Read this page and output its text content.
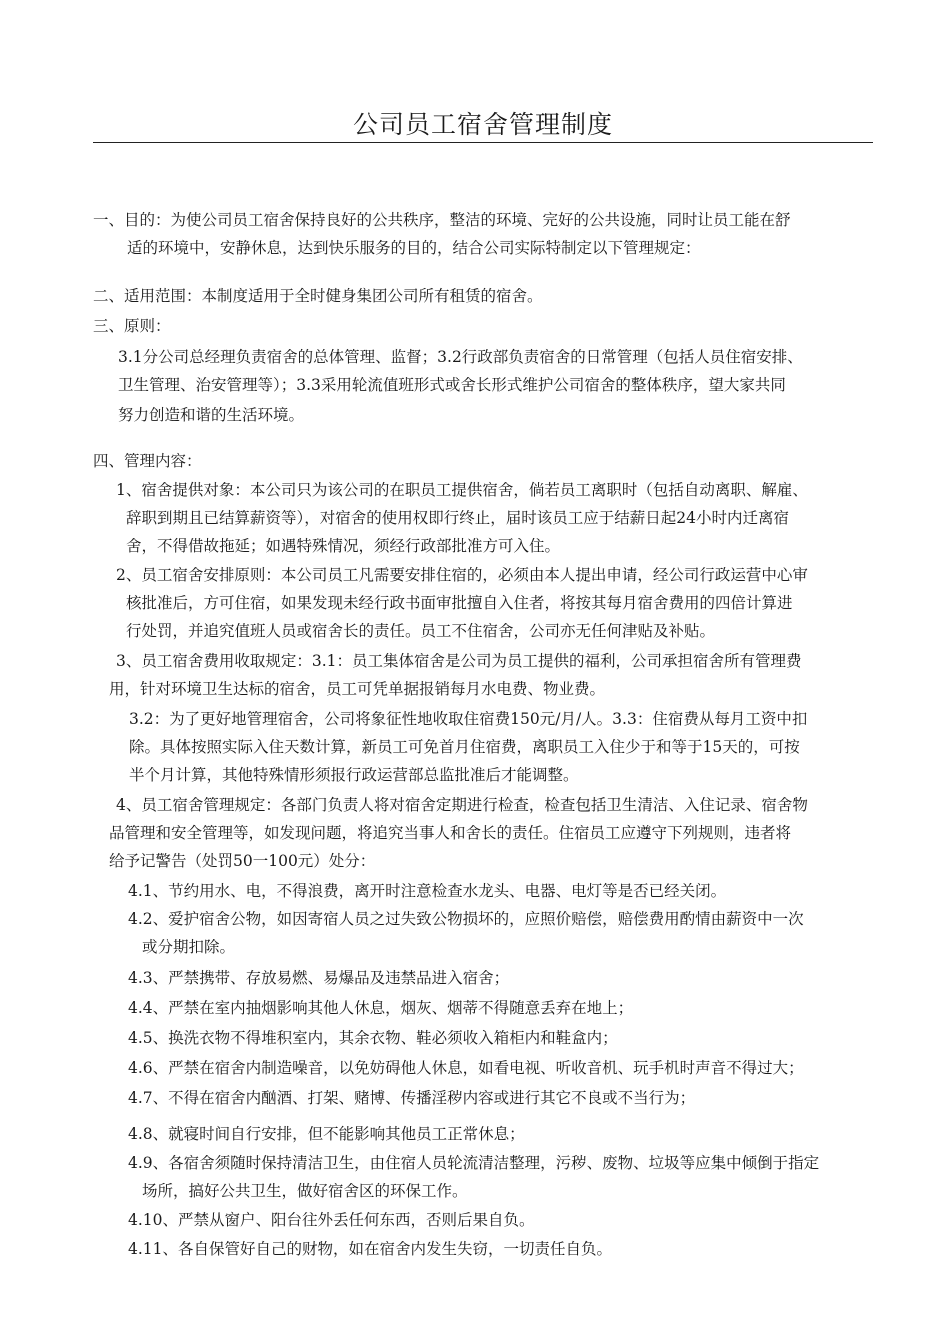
公司员工宿舍管理制度
一、目的：为使公司员工宿舍保持良好的公共秩序，整洁的环境、完好的公共设施，同时让员工能在舒
适的环境中，安静休息，达到快乐服务的目的，结合公司实际特制定以下管理规定：
二、适用范围：本制度适用于全时健身集团公司所有租赁的宿舍。
三、原则：
3.1分公司总经理负责宿舍的总体管理、监督；3.2行政部负责宿舍的日常管理（包括人员住宿安排、
卫生管理、治安管理等）；3.3采用轮流值班形式或舍长形式维护公司宿舍的整体秩序，望大家共同
努力创造和谐的生活环境。
四、管理内容：
1、宿舍提供对象：本公司只为该公司的在职员工提供宿舍，倘若员工离职时（包括自动离职、解雇、
辞职到期且已结算薪资等），对宿舍的使用权即行终止，届时该员工应于结薪日起24小时内迁离宿
舍，不得借故拖延；如遇特殊情况，须经行政部批准方可入住。
2、员工宿舍安排原则：本公司员工凡需要安排住宿的，必须由本人提出申请，经公司行政运营中心审
核批准后，方可住宿，如果发现未经行政书面审批擅自入住者，将按其每月宿舍费用的四倍计算进
行处罚，并追究值班人员或宿舍长的责任。员工不住宿舍，公司亦无任何津贴及补贴。
3、员工宿舍费用收取规定：3.1：员工集体宿舍是公司为员工提供的福利，公司承担宿舍所有管理费
用，针对环境卫生达标的宿舍，员工可凭单据报销每月水电费、物业费。
3.2：为了更好地管理宿舍，公司将象征性地收取住宿费150元/月/人。3.3：住宿费从每月工资中扣
除。具体按照实际入住天数计算，新员工可免首月住宿费，离职员工入住少于和等于15天的，可按
半个月计算，其他特殊情形须报行政运营部总监批准后才能调整。
4、员工宿舍管理规定：各部门负责人将对宿舍定期进行检查，检查包括卫生清洁、入住记录、宿舍物
品管理和安全管理等，如发现问题，将追究当事人和舍长的责任。住宿员工应遵守下列规则，违者将
给予记警告（处罚50一100元）处分：
4.1、节约用水、电，不得浪费，离开时注意检查水龙头、电器、电灯等是否已经关闭。
4.2、爱护宿舍公物，如因寄宿人员之过失致公物损坏的，应照价赔偿，赔偿费用酌情由薪资中一次
或分期扣除。
4.3、严禁携带、存放易燃、易爆品及违禁品进入宿舍；
4.4、严禁在室内抽烟影响其他人休息，烟灰、烟蒂不得随意丢弃在地上；
4.5、换洗衣物不得堆积室内，其余衣物、鞋必须收入箱柜内和鞋盒内；
4.6、严禁在宿舍内制造噪音，以免妨碍他人休息，如看电视、听收音机、玩手机时声音不得过大；
4.7、不得在宿舍内酗酒、打架、赌博、传播淫秽内容或进行其它不良或不当行为；
4.8、就寝时间自行安排，但不能影响其他员工正常休息；
4.9、各宿舍须随时保持清洁卫生，由住宿人员轮流清洁整理，污秽、废物、垃圾等应集中倾倒于指定
场所，搞好公共卫生，做好宿舍区的环保工作。
4.10、严禁从窗户、阳台往外丢任何东西，否则后果自负。
4.11、各自保管好自己的财物，如在宿舍内发生失窃，一切责任自负。
